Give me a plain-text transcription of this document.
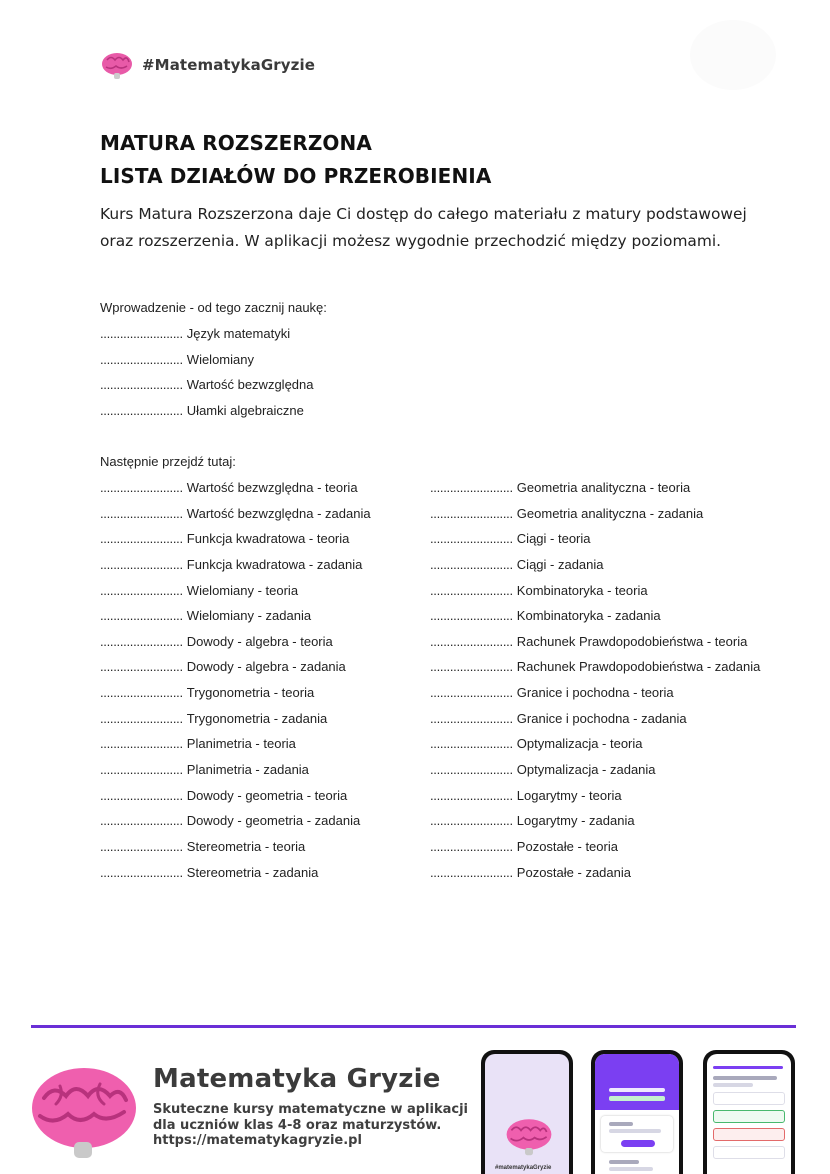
#MatematykaGryzie
MATURA ROZSZERZONA
LISTA DZIAŁÓW DO PRZEROBIENIA

Kurs Matura Rozszerzona daje Ci dostęp do całego materiału z matury podstawowej oraz rozszerzenia. W aplikacji możesz wygodnie przechodzić między poziomami.

Wprowadzenie - od tego zacznij naukę:
......................... Język matematyki
......................... Wielomiany
......................... Wartość bezwzględna
......................... Ułamki algebraiczne
Następnie przejdź tutaj:
......................... Wartość bezwzględna - teoria
......................... Wartość bezwzględna - zadania
......................... Funkcja kwadratowa - teoria
......................... Funkcja kwadratowa - zadania
......................... Wielomiany - teoria
......................... Wielomiany - zadania
......................... Dowody - algebra - teoria
......................... Dowody - algebra - zadania
......................... Trygonometria - teoria
......................... Trygonometria - zadania
......................... Planimetria - teoria
......................... Planimetria - zadania
......................... Dowody - geometria - teoria
......................... Dowody - geometria - zadania
......................... Stereometria - teoria
......................... Stereometria - zadania
......................... Geometria analityczna - teoria
......................... Geometria analityczna - zadania
......................... Ciągi - teoria
......................... Ciągi - zadania
......................... Kombinatoryka - teoria
......................... Kombinatoryka - zadania
......................... Rachunek Prawdopodobieństwa - teoria
......................... Rachunek Prawdopodobieństwa - zadania
......................... Granice i pochodna - teoria
......................... Granice i pochodna - zadania
......................... Optymalizacja - teoria
......................... Optymalizacja - zadania
......................... Logarytmy - teoria
......................... Logarytmy - zadania
......................... Pozostałe - teoria
......................... Pozostałe - zadania
Matematyka Gryzie
Skuteczne kursy matematyczne w aplikacji
dla uczniów klas 4-8 oraz maturzystów.
https://matematykagryzie.pl
#matematykaGryzie
